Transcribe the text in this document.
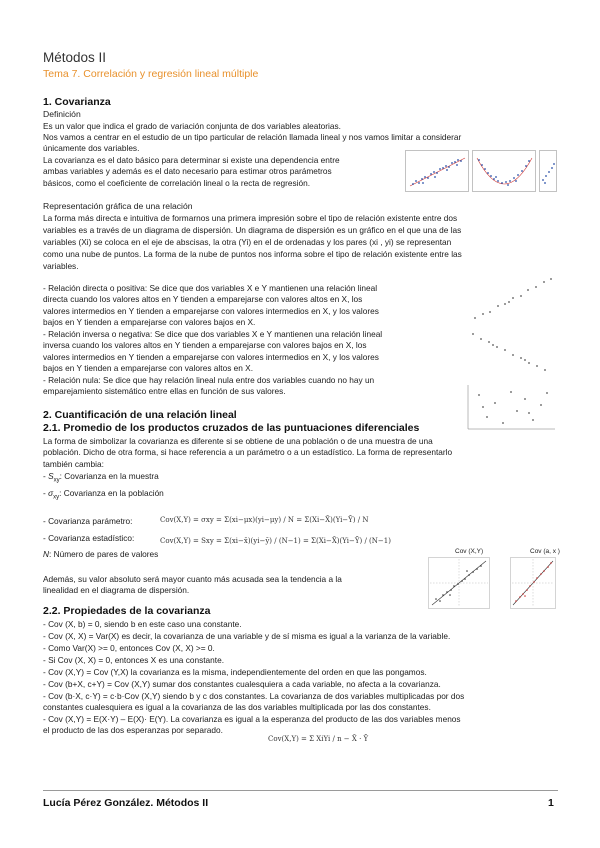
Métodos II
Tema 7. Correlación y regresión lineal múltiple
1. Covarianza
Definición
Es un valor que indica el grado de variación conjunta de dos variables aleatorias.
Nos vamos a centrar en el estudio de un tipo particular de relación llamada lineal y nos vamos limitar a considerar
únicamente dos variables.
La covarianza es el dato básico para determinar si existe una dependencia entre
ambas variables y además es el dato necesario para estimar otros parámetros
básicos, como el coeficiente de correlación lineal o la recta de regresión.
Representación gráfica de una relación
La forma más directa e intuitiva de formarnos una primera impresión sobre el tipo de relación existente entre dos
variables es a través de un diagrama de dispersión. Un diagrama de dispersión es un gráfico en el que una de las
variables (Xi) se coloca en el eje de abscisas, la otra (Yi) en el de ordenadas y los pares (xi , yi) se representan
como una nube de puntos. La forma de la nube de puntos nos informa sobre el tipo de relación existente entre las
variables.
- Relación directa o positiva: Se dice que dos variables X e Y mantienen una relación lineal
directa cuando los valores altos en Y tienden a emparejarse con valores altos en X, los
valores intermedios en Y tienden a emparejarse con valores intermedios en X, y los valores
bajos en Y tienden a emparejarse con valores bajos en X.
- Relación inversa o negativa: Se dice que dos variables X e Y mantienen una relación lineal
inversa cuando los valores altos en Y tienden a emparejarse con valores bajos en X, los
valores intermedios en Y tienden a emparejarse con valores intermedios en X, y los valores
bajos en Y tienden a emparejarse con valores altos en X.
- Relación nula: Se dice que hay relación lineal nula entre dos variables cuando no hay un
emparejamiento sistemático entre ellas en función de sus valores.
2. Cuantificación de una relación lineal
2.1. Promedio de los productos cruzados de las puntuaciones diferenciales
La forma de simbolizar la covarianza es diferente si se obtiene de una población o de una muestra de una
población. Dicho de otra forma, si hace referencia a un parámetro o a un estadístico. La forma de representarlo
también cambia:
- $S_{xy}$: Covarianza en la muestra
- $\sigma_{xy}$: Covarianza en la población
- Covarianza parámetro:	Cov(X,Y) = σxy = Σ(xi−μx)(yi−μy) / N = Σ(Xi−X̄)(Yi−Ȳ) / N
- Covarianza estadístico:	Cov(X,Y) = Sxy = Σ(xi−x̄)(yi−ȳ) / (N−1) = Σ(Xi−X̄)(Yi−Ȳ) / (N−1)
N: Número de pares de valores
Además, su valor absoluto será mayor cuanto más acusada sea la tendencia a la
linealidad en el diagrama de dispersión.
Cov (X,Y)	Cov (a, x )
2.2. Propiedades de la covarianza
- Cov (X, b) = 0, siendo b en este caso una constante.
- Cov (X, X) = Var(X) es decir, la covarianza de una variable y de sí misma es igual a la varianza de la variable.
- Como Var(X) >= 0, entonces Cov (X, X) >= 0.
- Si Cov (X, X) = 0, entonces X es una constante.
- Cov (X,Y) = Cov (Y,X) la covarianza es la misma, independientemente del orden en que las pongamos.
- Cov (b+X, c+Y) = Cov (X,Y) sumar dos constantes cualesquiera a cada variable, no afecta a la covarianza.
- Cov (b·X, c·Y) = c·b·Cov (X,Y) siendo b y c dos constantes. La covarianza de dos variables multiplicadas por dos
constantes cualesquiera es igual a la covarianza de las dos variables multiplicada por las dos constantes.
- Cov (X,Y) = E(X·Y) – E(X)· E(Y). La covarianza es igual a la esperanza del producto de las dos variables menos
el producto de las dos esperanzas por separado.
Cov(X,Y) = Σ XiYi / n − X̄ · Ȳ
Lucía Pérez González. Métodos II	1
